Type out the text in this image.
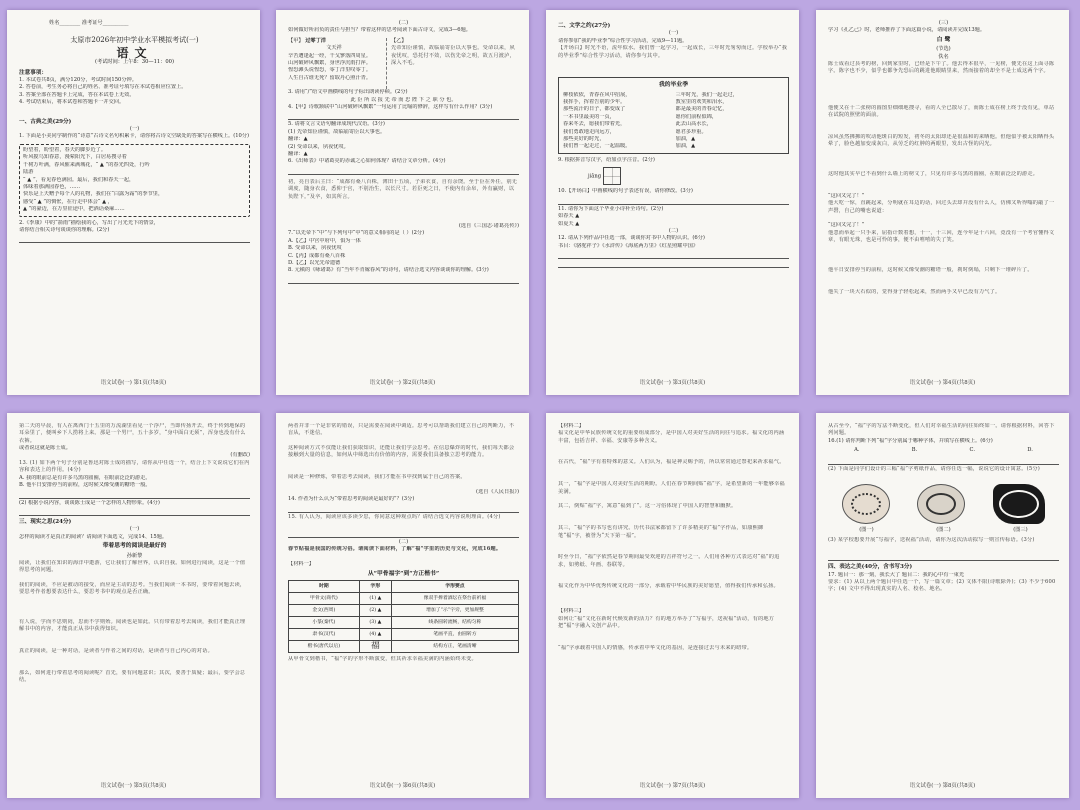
姓名________ 准考证号__________
太原市2026年初中学业水平模拟考试(一)
语文
(考试时间：上午8：30—11：00)
注意事项：
1. 本试卷共8页，满分120分，考试时间150分钟。
2. 答卷前，考生务必将自己的姓名、准考证号填写在本试卷相应位置上。
3. 答案全部在答题卡上完成，答在本试卷上无效。
4. 考试结束后，将本试卷和答题卡一并交回。
一、古典之美(29分)
(一)
1. 下面是小美同学制作的“诗意”古诗文名句积累卡，请你将古诗文空缺处的答案写在横线上。(10分)
盼望着，盼望着，春天的脚步近了。
听风搅乌知春意，漫萦阳光下，白居易搜寻着
千树万叶满，春风催来满城花，“ ▲ ”的春光四处，行吟
陆游
“ ▲ ”，看见春色满园。最后，我们和春天一起，
体味着那满园春色，……
快乐是上天赠予每个人的礼物，我们在“白露为霜”的季节里，
感受“ ▲ ”的惆怅，在行走中体会“ ▲ ，
▲ ”的豪迈，在万里征途中，把酒话桑麻……
2.《季康》中的“箭雨”描绘我的心，写出了月光光下的情景，
请你结合相关诗句谈谈你的理解。(2分)
语文试卷(一) 第1页(共8页)
(二)
如何做好所肩负的责任与担当？带着这样的思考阅读下面古诗文，完成3—6题。
【甲】 过零丁洋
文天祥
辛苦遭逢起一经，干戈寥落四周星。
山河破碎风飘絮，身世浮沉雨打萍。
惶恐滩头说惶恐，零丁洋里叹零丁。
人生自古谁无死？留取丹心照汗青。
【乙】
先帝知臣谨慎，故临崩寄臣以大事也。受命以来，夙夜忧叹，恐托付不效，以伤先帝之明，故五月渡泸，深入不毛。
3. 请用“/”给文中画横线的句子标出朗读停顿。(2分)
此 臣 所 以 报 先 帝 而 忠 陛 下 之 职 分 也。
4.【甲】诗歌颔联中“山河破碎风飘絮”一句运用了比喻的修辞，这样写有什么作用？(3分)
5. 请将文言文语句翻译成现代汉语。(3分)
(1) 先帝知臣谨慎，故临崩寄臣以大事也。
翻译：▲
(2) 受命以来，夙夜忧叹。
翻译：▲
6.《出师表》中诸葛亮的赤诚之心如何体现？请结合文章分析。(4分)
初，亮自表后主曰：“成都有桑八百株，薄田十五顷，子弟衣食，自有余饶。至于臣在外任，别无调度，随身衣食，悉仰于官，不别治生，以长尺寸。若臣死之日，不使内有余帛，外有赢财，以负陛下。”及卒，如其所言。
(选自《三国志·诸葛亮传》)
7.“以先帝下“中”与下列句中“中”的意义相同的是（ ）(2分)
A.【乙】中宫中府中，俱为一体
B. 受命以来，夙夜忧叹
C.【丙】成都有桑八百株
D.【乙】以光先帝遗德
8. 元稹的《咏诸葛》有“当年不肯嫁春风”的诗句，请结合选文内容谈谈你的理解。(3分)
语文试卷(一) 第2页(共8页)
二、文学之约(27分)
(一)
请你参加“我的毕业季”综合性学习活动，完成9—11题。
【开场白】时光不语，流年似水。我们曾一起学习，一起成长，三年时光匆匆而过。学校举办“我的毕业季”综合性学习活动，请你参与其中。
我的毕业季
柳枝依依，青春在风中招展，
我挥手，挥着告别的少年。
那些流汗的日子，都变成了
一本书里最美的一页，
春来冬去，愿我们带着光，
我们勇敢地走向远方，
那些美好的时光，
我们曾一起走过，一起温暖。
三年时光，我们一起走过，
教室里的欢笑和泪水，
都是最美的青春记忆，
愿你们前程似锦，
此去山高水长，
愿君多珍重。
加油，▲
加油，▲
9. 根据拼音写汉字，给加点字注音。(2分)
jiǎng
10.【开场白】中画横线的句子表述有误，请你修改。(3分)
11. 请你为下面这个毕业小诗补全诗句。(2分)
如春天 ▲
如夏天 ▲
(二)
12. 请从下列作品中任选一部，谈谈你对书中人物的认识。(6分)
书目：《骆驼祥子》《水浒传》《海底两万里》《红星照耀中国》
语文试卷(一) 第3页(共8页)
(三)
学习《孔乙己》时，老师推荐了下面这篇小说，请阅读并完成13题。
白 鹭
(节选)
佚名
陈士成看过县考的榜，回到家里时，已经是下午了。他去得本很早，一见榜，便先在这上面寻陈字。陈字也不少，似乎也都争先恐后的跳进他眼睛里来，然而接着的却全不是士成这两个字。
他便又在十二张榜的圆图里细细地搜寻，看的人全已散尽了，而陈士成在榜上终于没有见，单站在试院的照壁的面前。
凉风虽然拂拂的吹动他斑白的短发，初冬的太阳却还是很温和的来晒他。但他似乎被太阳晒得头晕了，脸色越加变成灰白，从劳乏的红肿的两眼里，发出古怪的闪光。
这时他其实早已不看到什么墙上的榜文了，只见有许多乌黑的圆圈，在眼前泛泛的游走。
“这回又完了！”
他大吃一惊，直跳起来，分明就在耳边的话，回过头去却并没有什么人，仿佛又听得嗡的敲了一声磬，自己的嘴也说道：
“这回又完了！”
他忽而举起一只手来，屈指计数着想，十一，十三回，连今年是十六回，竟没有一个考官懂得文章，有眼无珠，也是可怜的事，便不由嘻嘻的失了笑。
他平日安排停当的前程，这时候又像受潮的糖塔一般，刹时倒塌，只剩下一堆碎片了。
他失了一块大石似的，觉得身子轻松起来，然而两手又早已没有力气了。
语文试卷(一) 第4页(共8页)
第二天的早晨，有人在离西门十五里的万流湖里看见一个浮尸，当即传扬开去，终于传到地保的耳朵里了，便叫乡下人捞将上来。那是一个男尸，五十多岁，“身中面白无须”，浑身也没有什么衣裤。
或者说这就是陈士成。
(有删改)
13. (1) 如下两个句子分别是鲁迅对陈士成的描写，请你从中任选一个，结合上下文说说它们在内容和表达上的作用。(4分)
A. 我的眼前总是有许多乌黑的圆圈，在眼前泛泛的游走。
B. 他平日安排停当的前程，这时候又像受潮的糖塔一般。
(2) 根据小说内容，谈谈陈士成是一个怎样的人物形象。(4分)
三、现实之思(24分)
(一)
怎样的阅读才是真正的阅读？请阅读下面选文，完成14、15题。
带着思考的阅读是最好的
孙新黎
阅读，让我们在知识的海洋中遨游，它让我们了解世界，认识自我。如何进行阅读，这是一个值得思考的问题。
我们的阅读，不应是被动的接受，而应是主动的思考。当我们阅读一本书时，要带着问题去读，要思考作者想要表达什么，要思考书中的观点是否正确。
有人说，学而不思则罔，思而不学则殆。阅读也是如此。只有带着思考去阅读，我们才能真正理解书中的内容，才能真正从书中获得知识。
真正的阅读，是一种对话，是读者与作者之间的对话，是读者与自己内心的对话。
那么，如何进行带着思考的阅读呢？首先，要有问题意识；其次，要善于质疑；最后，要学会总结。
语文试卷(一) 第5页(共8页)
两者并非一个是非常的错误，只是需要在阅读中调适。思考可以帮助我们建立自己的判断力，不盲从，不迷信。
这种阅读方式不仅能让我们获取知识，还能让我们学会思考。在信息爆炸的时代，我们每天都会接触到大量的信息，如何从中筛选出有价值的内容，需要我们具备独立思考的能力。
阅读是一种修炼，带着思考去阅读，我们才能在书中找到属于自己的答案。
(选自《人民日报》)
14. 作者为什么认为“带着思考的阅读是最好的”？(3分)
15. 有人认为，阅读应该多读少思，你同意这种观点吗？请结合选文内容说明理由。(4分)
(二)
春节贴福是我国的传统习俗。请阅读下面材料，了解“福”字里的历史与文化，完成16题。
【材料一】
从“甲骨福字”到“方正楷书”
时期	字形	字形要点
甲骨文(商代)	(1) ▲	像双手捧着酒坛在祭台前祈福
金文(西周)	(2) ▲	增加了“示”字旁，更加规整
小篆(秦代)	(3) ▲	线条圆转流畅，结构匀称
隶书(汉代)	(4) ▲	笔画平直，由圆转方
楷书(唐代以后)	福	结构方正，笔画清晰
从甲骨文到楷书，“福”字的字形不断演变，但其祈求幸福美满的内涵始终未变。
语文试卷(一) 第6页(共8页)
【材料二】
福文化是中华民族传统文化的重要组成部分，是中国人对美好生活的向往与追求。福文化的内涵丰富，包括吉祥、幸福、安康等多种含义。
在古代，“福”字有着特殊的意义。人们认为，福是神灵赐予的，所以常常通过祭祀来祈求福气。
其一，“福”字是中国人对美好生活的期盼。人们在春节期间贴“福”字，是希望新的一年能够幸福美满。
其二，倒贴“福”字，寓意“福到了”。这一习俗体现了中国人的智慧和幽默。
其三，“福”字的书写也有讲究。历代书法家都留下了许多精美的“福”字作品，如康熙御笔“福”字，被誉为“天下第一福”。
时至今日，“福”字依然是春节期间最受欢迎的吉祥符号之一。人们用各种方式表达对“福”的追求，如剪纸、年画、春联等。
福文化作为中华优秀传统文化的一部分，承载着中华民族的美好愿望，值得我们传承和弘扬。
【材料三】
如何让“福”文化在新时代焕发新的活力？有的地方举办了“写福字，送祝福”活动，有的地方把“福”字融入文创产品中。
“福”字承载着中国人的情感，传承着中华文化的基因，是连接过去与未来的纽带。
语文试卷(一) 第7页(共8页)
从古至今，“福”字的写法不断变化，但人们对幸福生活的向往始终如一。请你根据材料，回答下列问题。
16.(1) 请你判断下列“福”字分别属于哪种字体，并填写在横线上。(6分)
A.	B.	C.	D.
(2) 下面是同学们设计的三幅“福”字剪纸作品，请你任选一幅，说说它的设计寓意。(5分)
(图一)	(图二)	(图三)
(3) 某学校想要开展“写福字，送祝福”活动，请你为这次活动拟写一则宣传标语。(3分)
四、表达之美(40分，含书写3分)
17. 题目一：那一刻，我长大了 题目二：我的心中有一束光
要求：(1) 从以上两个题目中任选一个，写一篇文章；(2) 文体不限(诗歌除外)；(3) 不少于600字；(4) 文中不得出现真实的人名、校名、地名。
语文试卷(一) 第8页(共8页)
